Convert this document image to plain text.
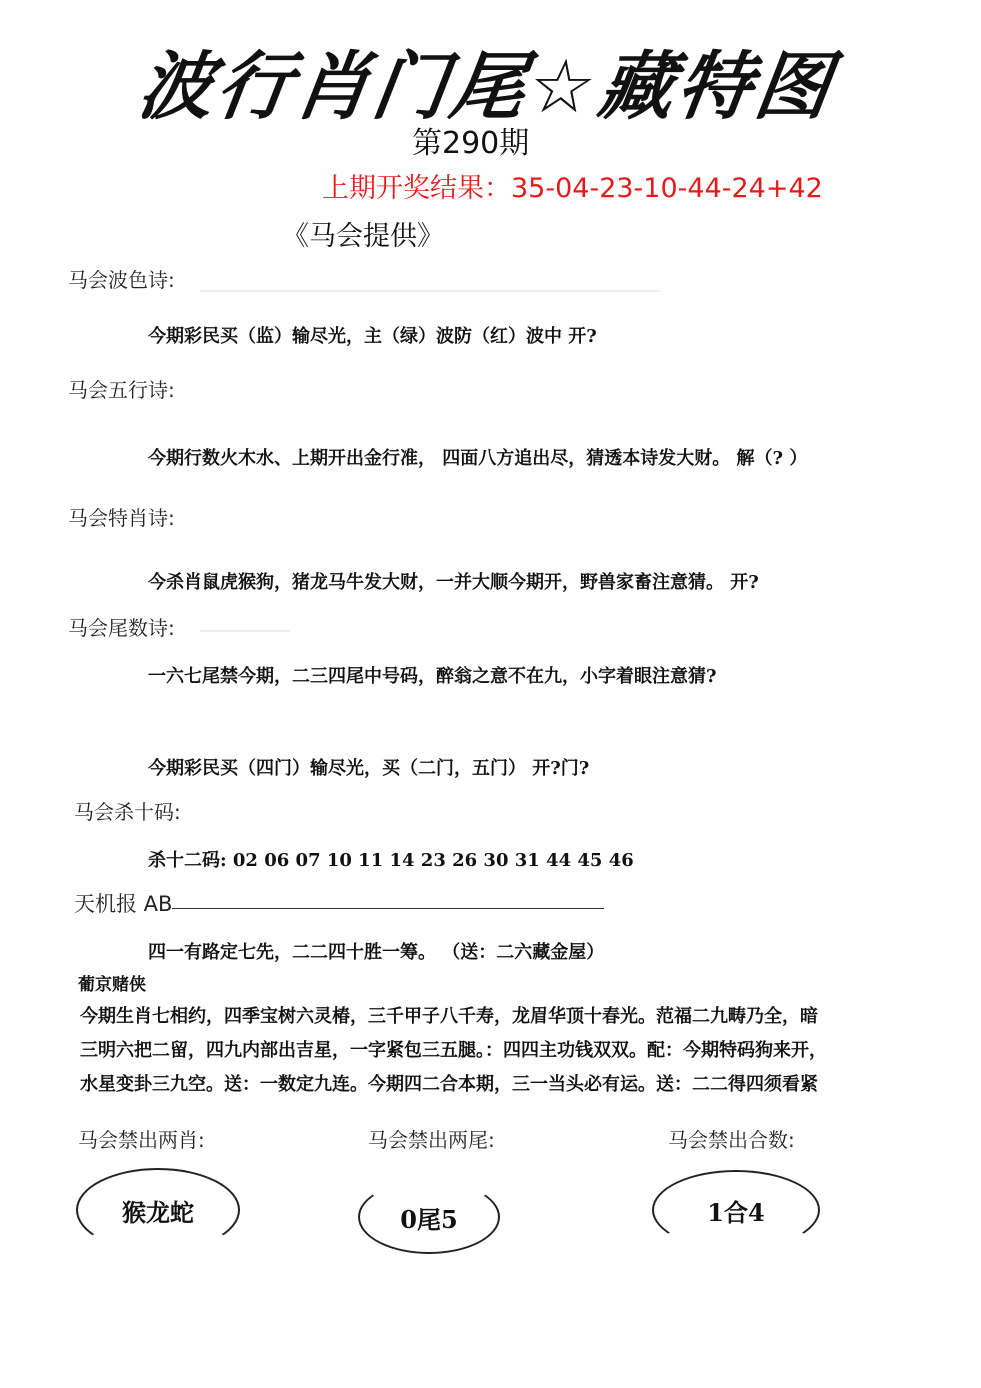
波行肖门尾☆藏特图
第290期
上期开奖结果：35-04-23-10-44-24+42
《马会提供》
马会波色诗:
今期彩民买（监）输尽光，主（绿）波防（红）波中 开?
马会五行诗:
今期行数火木水、上期开出金行准， 四面八方追出尽，猜透本诗发大财。 解（? ）
马会特肖诗:
今杀肖鼠虎猴狗，猪龙马牛发大财，一并大顺今期开，野兽家畜注意猜。 开?
马会尾数诗:
一六七尾禁今期，二三四尾中号码，醉翁之意不在九，小字着眼注意猜?
今期彩民买（四门）输尽光，买（二门，五门） 开?门?
马会杀十码:
杀十二码: 02 06 07 10 11 14 23 26 30 31 44 45 46
天机报 AB
四一有路定七先，二二四十胜一筹。 （送：二六藏金屋）
葡京赌侠

今期生肖七相约，四季宝树六灵椿，三千甲子八千寿，龙眉华顶十春光。范福二九畴乃全，暗

三明六把二留，四九内部出吉星，一字紧包三五腿。：四四主功钱双双。配：今期特码狗来开，

水星变卦三九空。送：一数定九连。今期四二合本期，三一当头必有运。送：二二得四须看紧

马会禁出两肖:	马会禁出两尾:	马会禁出合数:
猴龙蛇	0尾5	1合4
